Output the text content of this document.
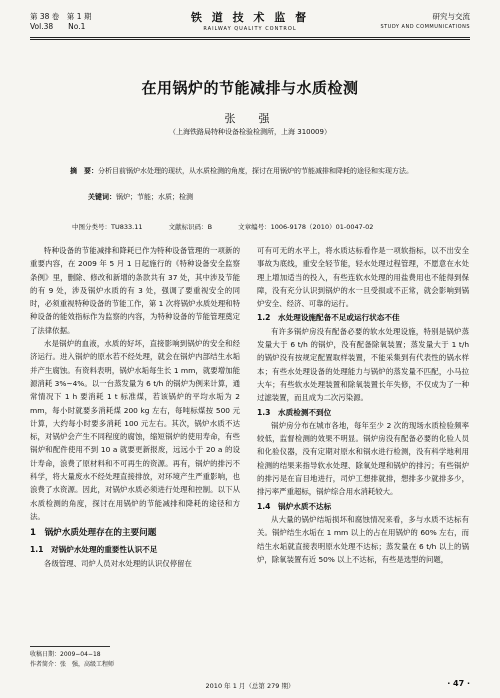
第 38 卷　第 1 期
Vol.38　　No.1
铁 道 技 术 监 督
RAILWAY QUALITY CONTROL
研究与交流
STUDY AND COMMUNICATIONS
在用锅炉的节能减排与水质检测
张　强
（上海铁路局特种设备检验检测所，上海 310009）
摘　要：分析目前锅炉水处理的现状，从水质检测的角度，探讨在用锅炉的节能减排和降耗的途径和实现方法。
关键词：锅炉；节能；水质；检测
中图分类号：TU833.11	文献标识码：B	文章编号：1006-9178（2010）01-0047-02

特种设备的节能减排和降耗已作为特种设备管理的一项新的重要内容，在 2009 年 5 月 1 日起施行的《特种设备安全监察条例》里，删除、修改和新增的条款共有 37 处，其中涉及节能的有 9 处，涉及锅炉水质的有 3 处，强调了要重视安全的同时，必须重视特种设备的节能工作，第 1 次将锅炉水质处理和特种设备的能效指标作为监察的内容，为特种设备的节能管理奠定了法律依据。

水是锅炉的血液，水质的好坏，直接影响到锅炉的安全和经济运行。进入锅炉的原水若不经处理，就会在锅炉内部结生水垢并产生腐蚀。有资料表明，锅炉水垢每生长 1 mm，就要增加能源消耗 3%~4%。以一台蒸发量为 6 t/h 的锅炉为例来计算，通常情况下 1 h 要消耗 1 t 标准煤，若该锅炉的平均水垢为 2 mm，每小时就要多消耗煤 200 kg 左右，每吨标煤按 500 元计算，大约每小时要多消耗 100 元左右。其次，锅炉水质不达标，对锅炉会产生不同程度的腐蚀，缩短锅炉的使用寿命，有些锅炉和配件使用不到 10 a 就要更新报废，远远小于 20 a 的设计寿命，浪费了原材料和不可再生的资源。再有，锅炉的排污不科学，将大量废水不经处理直接排放，对环境产生严重影响，也浪费了水资源。因此，对锅炉水质必须进行处理和控制。以下从水质检测的角度，探讨在用锅炉的节能减排和降耗的途径和方法。

1　锅炉水质处理存在的主要问题
1.1　对锅炉水处理的重要性认识不足

各级管理、司炉人员对水处理的认识仅停留在

可有可无的水平上，将水质达标看作是一项软指标，以不出安全事故为底线，重安全轻节能，轻水处理过程管理，不愿意在水处理上增加适当的投入，有些连软水处理的用盐费用也不能得到保障，没有充分认识到锅炉的水一旦受损或不正常，就会影响到锅炉安全、经济、可靠的运行。

1.2　水处理设施配备不足或运行状态不佳

有许多锅炉房没有配备必要的软水处理设施，特别是锅炉蒸发量大于 6 t/h 的锅炉，没有配备除氧装置；蒸发量大于 1 t/h 的锅炉没有按规定配置取样装置，不能采集到有代表性的锅水样本；有些水处理设备的处理能力与锅炉的蒸发量不匹配，小马拉大车；有些软水处理装置和除氧装置长年失修，不仅成为了一种过滤装置，而且成为二次污染源。

1.3　水质检测不到位

锅炉房分布在城市各地，每年至少 2 次的现场水质检验频率较低，监督检测的效果不明显。锅炉房没有配备必要的化验人员和化验仪器，没有定期对原水和锅水进行检测，没有科学地利用检测的结果来指导软水处理、除氧处理和锅炉的排污；有些锅炉的排污是在盲目地进行，司炉工想排就排，想排多少就排多少，排污率严重超标，锅炉综合用水消耗较大。

1.4　锅炉水质不达标

从大量的锅炉结垢损坏和腐蚀情况来看，多与水质不达标有关。锅炉结生水垢在 1 mm 以上的占在用锅炉的 60% 左右，而结生水垢就直接表明原水处理不达标；蒸发量在 6 t/h 以上的锅炉，除氧装置有近 50% 以上不达标，有些是选型的问题，

收稿日期：2009−04−18
作者简介：张　强，高级工程师
2010 年 1 月（总第 279 期）	· 47 ·
